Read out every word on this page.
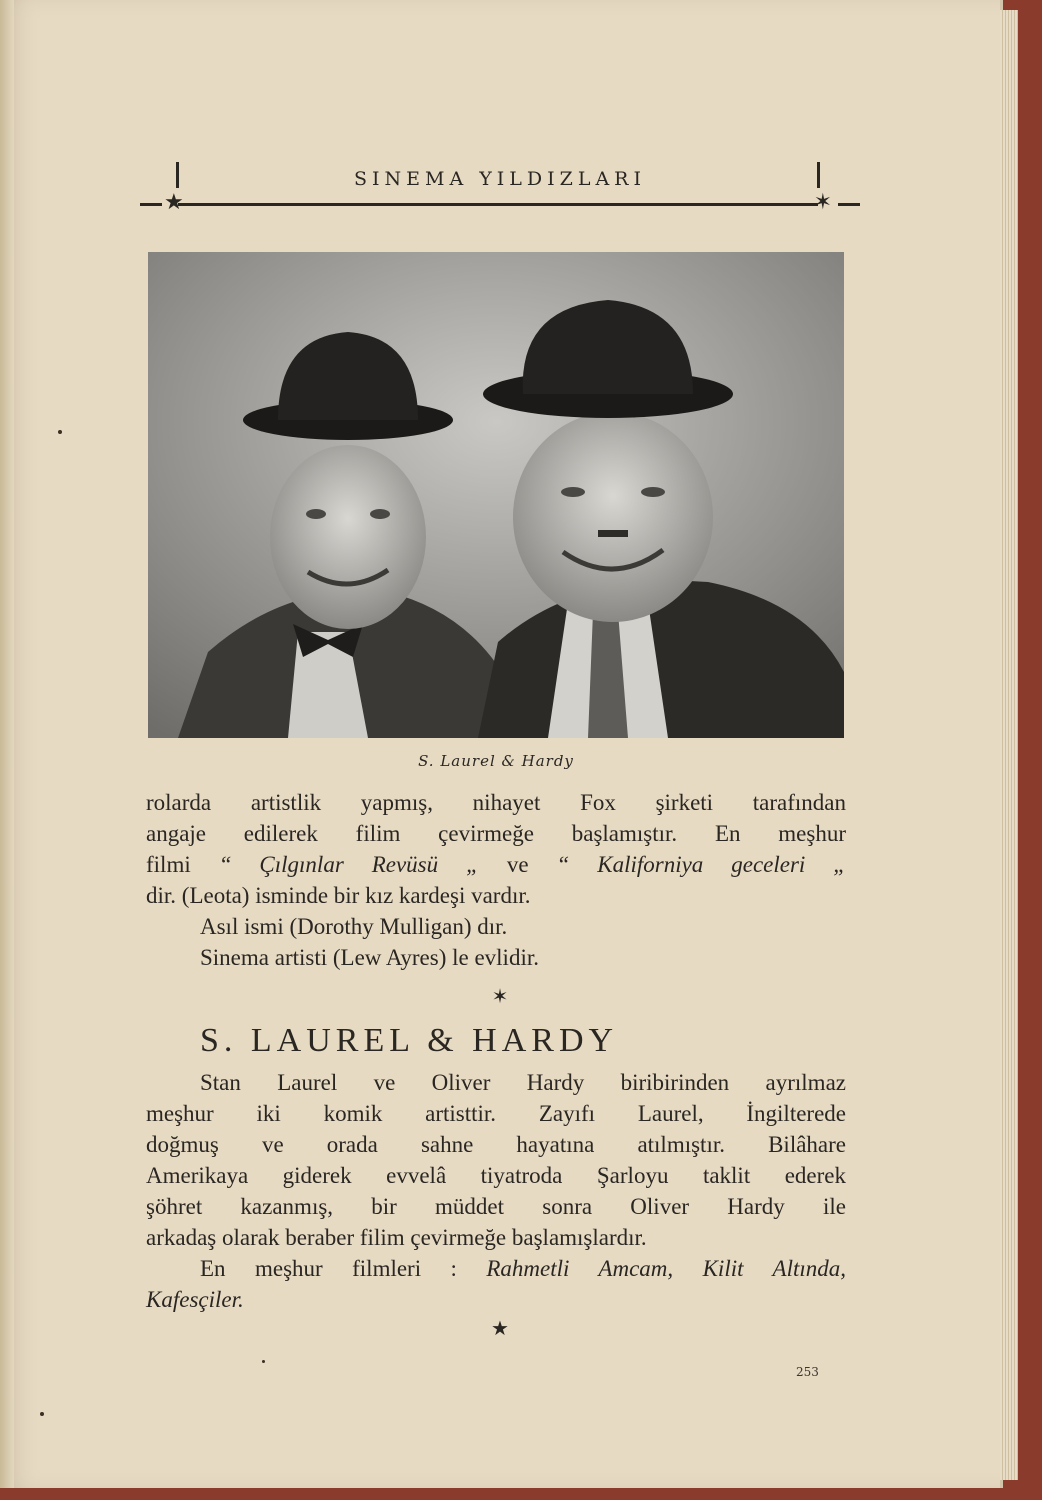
SINEMA YILDIZLARI
★	✶
S. Laurel & Hardy
rolarda artistlik yapmış, nihayet Fox şirketi tarafından
angaje edilerek filim çevirmeğe başlamıştır. En meşhur
filmi “ Çılgınlar Revüsü „ ve “ Kaliforniya geceleri „
dir. (Leota) isminde bir kız kardeşi vardır.
Asıl ismi (Dorothy Mulligan) dır.
Sinema artisti (Lew Ayres) le evlidir.
✶
S. LAUREL & HARDY
Stan Laurel ve Oliver Hardy biribirinden ayrılmaz
meşhur iki komik artisttir. Zayıfı Laurel, İngilterede
doğmuş ve orada sahne hayatına atılmıştır. Bilâhare
Amerikaya giderek evvelâ tiyatroda Şarloyu taklit ederek
şöhret kazanmış, bir müddet sonra Oliver Hardy ile
arkadaş olarak beraber filim çevirmeğe başlamışlardır.
En meşhur filmleri : Rahmetli Amcam, Kilit Altında,
Kafesçiler.
★
253
